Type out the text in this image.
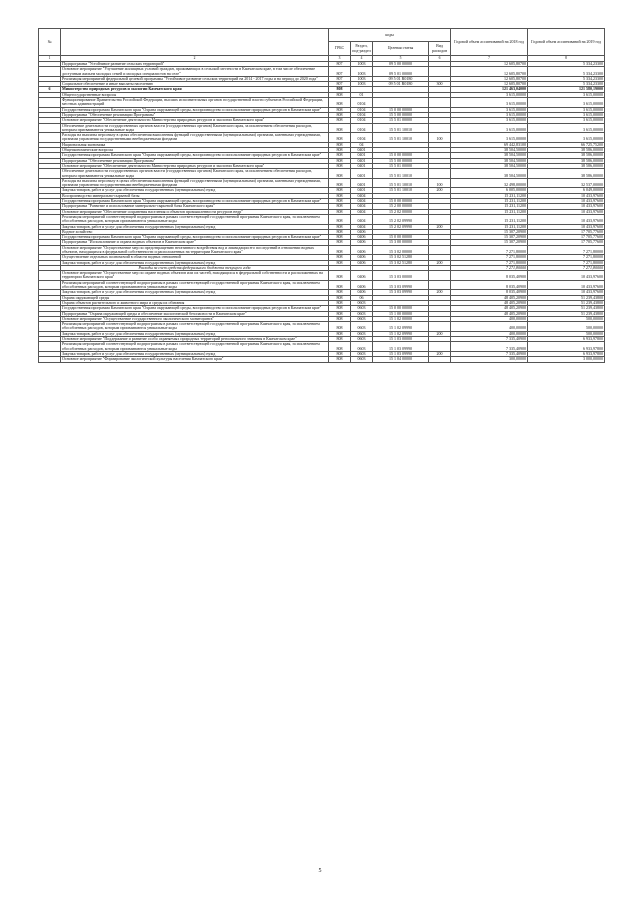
№		коды				Годовой объем ассигнований на 2018 год	Годовой объем ассигнований на 2019 год
		ГРБС	Раздел, под-раздел	Целевая статья	Вид расходов		
1	2	3	4	5	6	7	8
	Подпрограмма "Устойчивое развитие сельских территорий"	807	1003	09 5 00 00000		12 605,80700	5 334,23300
	Основное мероприятие "Улучшение жилищных условий граждан, проживающих в сельской местности в Камчатском крае, в том числе обеспечение доступным жильем молодых семей и молодых специалистов на селе"	807	1003	09 5 01 00000		12 605,80700	5 334,23300
	Реализация мероприятий федеральной целевой программы "Устойчивое развитие сельских территорий на 2014 - 2017 годы и на период до 2020 года"	807	1003	09 5 01 R0180		12 605,80700	5 334,23300
	Социальное обеспечение и иные выплаты населению	807	1003	09 5 01 R0180	300	12 605,80700	5 334,23300
6	Министерство природных ресурсов и экологии Камчатского края	808				121 463,04000	121 580,19000
	Общегосударственные вопросы	808	01			3 615,00000	3 615,00000
	Функционирование Правительства Российской Федерации, высших исполнительных органов государственной власти субъектов Российской Федерации, местных администраций	808	0104			3 615,00000	3 615,00000
	Государственная программа Камчатского края "Охрана окружающей среды, воспроизводство и использование природных ресурсов в Камчатском крае"	808	0104	15 0 00 00000		3 615,00000	3 615,00000
	Подпрограмма "Обеспечение реализации Программы"	808	0104	15 5 00 00000		3 615,00000	3 615,00000
	Основное мероприятие "Обеспечение деятельности Министерства природных ресурсов и экологии Камчатского края"	808	0104	15 5 01 00000		3 615,00000	3 615,00000
	Обеспечение деятельности государственных органов власти (государственных органов) Камчатского края, за исключением обеспечения расходов, которым присваиваются уникальные коды	808	0104	15 5 01 10010		3 615,00000	3 615,00000
	Расходы на выплаты персоналу в целях обеспечения выполнения функций государственными (муниципальными) органами, казенными учреждениями, органами управления государственными внебюджетными фондами	808	0104	15 5 01 10010	100	3 615,00000	3 615,00000
	Национальная экономика	808	04			69 442,83100	66 725,75200
	Общеэкономические вопросы	808	0401			38 504,50000	38 586,00000
	Государственная программа Камчатского края "Охрана окружающей среды, воспроизводство и использование природных ресурсов в Камчатском крае"	808	0401	15 0 00 00000		38 504,50000	38 586,00000
	Подпрограмма "Обеспечение реализации Программы"	808	0401	15 5 00 00000		38 504,50000	38 586,00000
	Основное мероприятие "Обеспечение деятельности Министерства природных ресурсов и экологии Камчатского края"	808	0401	15 5 01 00000		38 504,50000	38 586,00000
	Обеспечение деятельности государственных органов власти (государственных органов) Камчатского края, за исключением обеспечения расходов, которым присваиваются уникальные коды	808	0401	15 5 01 10010		38 504,50000	38 586,00000
	Расходы на выплаты персоналу в целях обеспечения выполнения функций государственными (муниципальными) органами, казенными учреждениями, органами управления государственными внебюджетными фондами	808	0401	15 5 01 10010	100	32 498,00000	32 537,00000
	Закупка товаров, работ и услуг для обеспечения государственных (муниципальных) нужд	808	0401	15 5 01 10010	200	6 005,00000	6 049,00000
	Воспроизводство минерально-сырьевой базы	808	0404			15 231,11200	10 433,97600
	Государственная программа Камчатского края "Охрана окружающей среды, воспроизводство и использование природных ресурсов в Камчатском крае"	808	0404	15 0 00 00000		15 231,11200	10 433,97600
	Подпрограмма "Развитие и использование минерально-сырьевой базы Камчатского края"	808	0404	15 2 00 00000		15 231,11200	10 433,97600
	Основное мероприятие "Обеспечение сохранения населения и объектов промышленности ресурсов недр"	808	0404	15 2 02 00000		15 231,11200	10 433,97600
	Реализация мероприятий соответствующей подпрограммы в рамках соответствующей государственной программы Камчатского края, за исключением обособленных расходов, которым присваиваются уникальные коды	808	0404	15 2 02 09990		15 231,11200	10 433,97600
	Закупка товаров, работ и услуг для обеспечения государственных (муниципальных) нужд	808	0404	15 2 02 09990	200	15 231,11200	10 433,97600
	Водное хозяйство	808	0406			15 307,20900	17 705,77600
	Государственная программа Камчатского края "Охрана окружающей среды, воспроизводство и использование природных ресурсов в Камчатском крае"	808	0406	15 0 00 00000		15 307,20900	17 705,77600
	Подпрограмма "Использование и охрана водных объектов в Камчатском крае"	808	0406	15 3 00 00000		15 307,20900	17 705,77600
	Основное мероприятие "Осуществление мер по предотвращению негативного воздействия вод и ликвидации его последствий в отношении водных объектов, находящихся в федеральной собственности и расположенных на территории Камчатского края"	808	0406	15 3 02 00000		7 271,80000	7 271,80000
	Осуществление отдельных полномочий в области водных отношений	808	0406	15 3 02 51280		7 271,80000	7 271,80000
	Закупка товаров, работ и услуг для обеспечения государственных (муниципальных) нужд	808	0406	15 3 02 51280	200	7 271,80000	7 271,80000
	Расходы за счет средств федерального бюджета текущего года					7 271,80000	7 271,80000
	Основное мероприятие "Осуществление мер по охране водных объектов или их частей, находящихся в федеральной собственности и расположенных на территории Камчатского края"	808	0406	15 3 03 00000		8 035,40900	10 433,97600
	Реализация мероприятий соответствующей подпрограммы в рамках соответствующей государственной программы Камчатского края, за исключением обособленных расходов, которым присваиваются уникальные коды	808	0406	15 3 03 09990		8 035,40900	10 433,97600
	Закупка товаров, работ и услуг для обеспечения государственных (муниципальных) нужд	808	0406	15 3 03 09990	200	8 035,40900	10 433,97600
	Охрана окружающей среды	808	06			48 405,20900	51 239,43800
	Охрана объектов растительного и животного мира и среды их обитания	808	0603			48 405,20900	51 239,43800
	Государственная программа Камчатского края "Охрана окружающей среды, воспроизводство и использование природных ресурсов в Камчатском крае"	808	0603	15 0 00 00000		48 405,20900	51 239,43800
	Подпрограмма "Охрана окружающей среды и обеспечение экологической безопасности в Камчатском крае"	808	0603	15 1 00 00000		48 405,20900	51 239,43800
	Основное мероприятие "Осуществление государственного экологического мониторинга"	808	0603	15 1 02 00000		400,00000	500,00000
	Реализация мероприятий соответствующей подпрограммы в рамках соответствующей государственной программы Камчатского края, за исключением обособленных расходов, которым присваиваются уникальные коды	808	0603	15 1 02 09990		400,00000	500,00000
	Закупка товаров, работ и услуг для обеспечения государственных (муниципальных) нужд	808	0603	15 1 02 09990	200	400,00000	500,00000
	Основное мероприятие "Поддержание и развитие особо охраняемых природных территорий регионального значения в Камчатском крае"	808	0603	15 1 03 00000		7 335,40900	6 933,97800
	Реализация мероприятий соответствующей подпрограммы в рамках соответствующей государственной программы Камчатского края, за исключением обособленных расходов, которым присваиваются уникальные коды	808	0603	15 1 03 09990		7 335,40900	6 933,97800
	Закупка товаров, работ и услуг для обеспечения государственных (муниципальных) нужд	808	0603	15 1 03 09990	200	7 335,40900	6 933,97800
	Основное мероприятие "Формирование экологической культуры населения Камчатского края"	808	0603	15 1 04 00000		300,00000	3 000,00000
5
